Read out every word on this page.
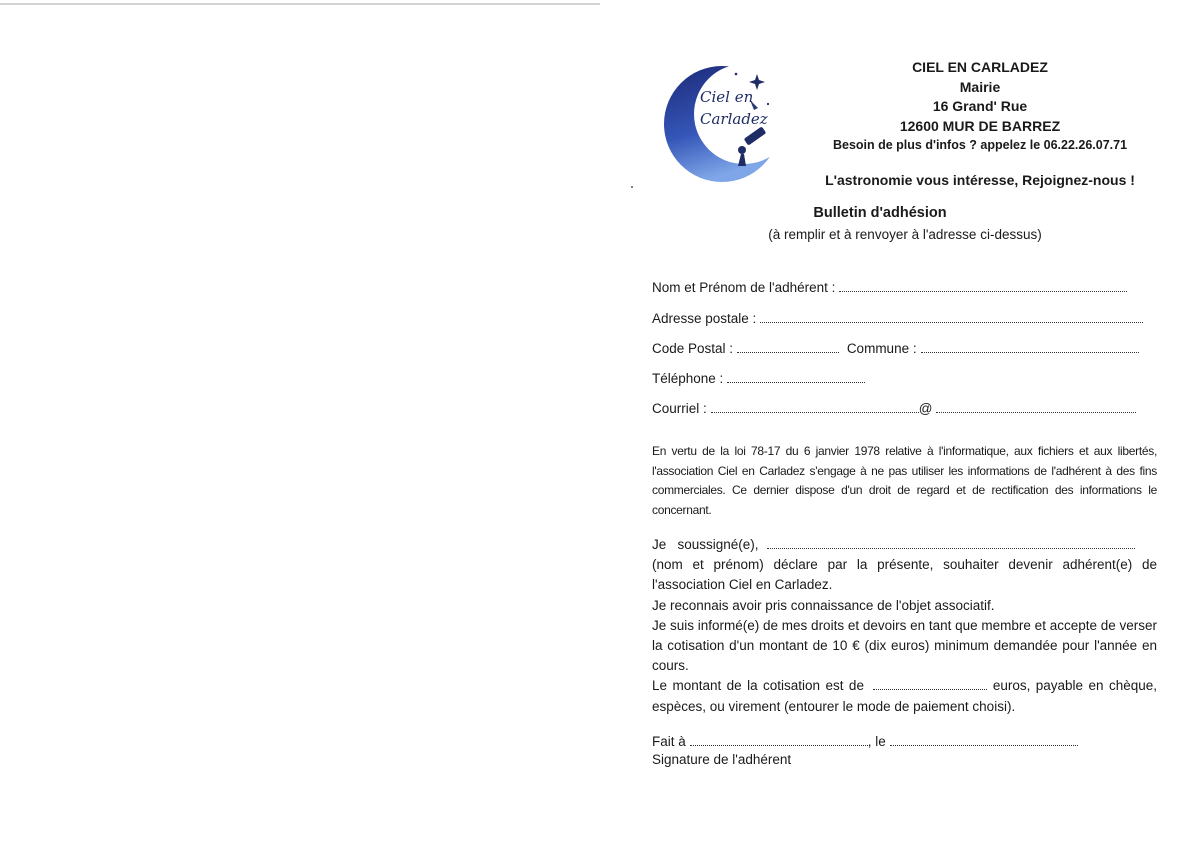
Ciel en
Carladez
CIEL EN CARLADEZ
Mairie
16 Grand' Rue
12600 MUR DE BARREZ
Besoin de plus d'infos ? appelez le 06.22.26.07.71
L'astronomie vous intéresse, Rejoignez-nous !
Bulletin d'adhésion
(à remplir et à renvoyer à l'adresse ci-dessus)
Nom et Prénom de l'adhérent :
Adresse postale :
Code Postal :	Commune :
Téléphone :
Courriel :	@
En vertu de la loi 78-17 du 6 janvier 1978 relative à l'informatique, aux fichiers et aux libertés, l'association Ciel en Carladez s'engage à ne pas utiliser les informations de l'adhérent à des fins commerciales. Ce dernier dispose d'un droit de regard et de rectification des informations le concernant.

Je   soussigné(e),

(nom et prénom) déclare par la présente, souhaiter devenir adhérent(e) de l'association Ciel en Carladez.

Je reconnais avoir pris connaissance de l'objet associatif.

Je suis informé(e) de mes droits et devoirs en tant que membre et accepte de verser la cotisation d'un montant de 10 € (dix euros) minimum demandée pour l'année en cours.

Le montant de la cotisation est de	euros, payable en chèque, espèces, ou virement (entourer le mode de paiement choisi).

Fait à	, le
Signature de l'adhérent
